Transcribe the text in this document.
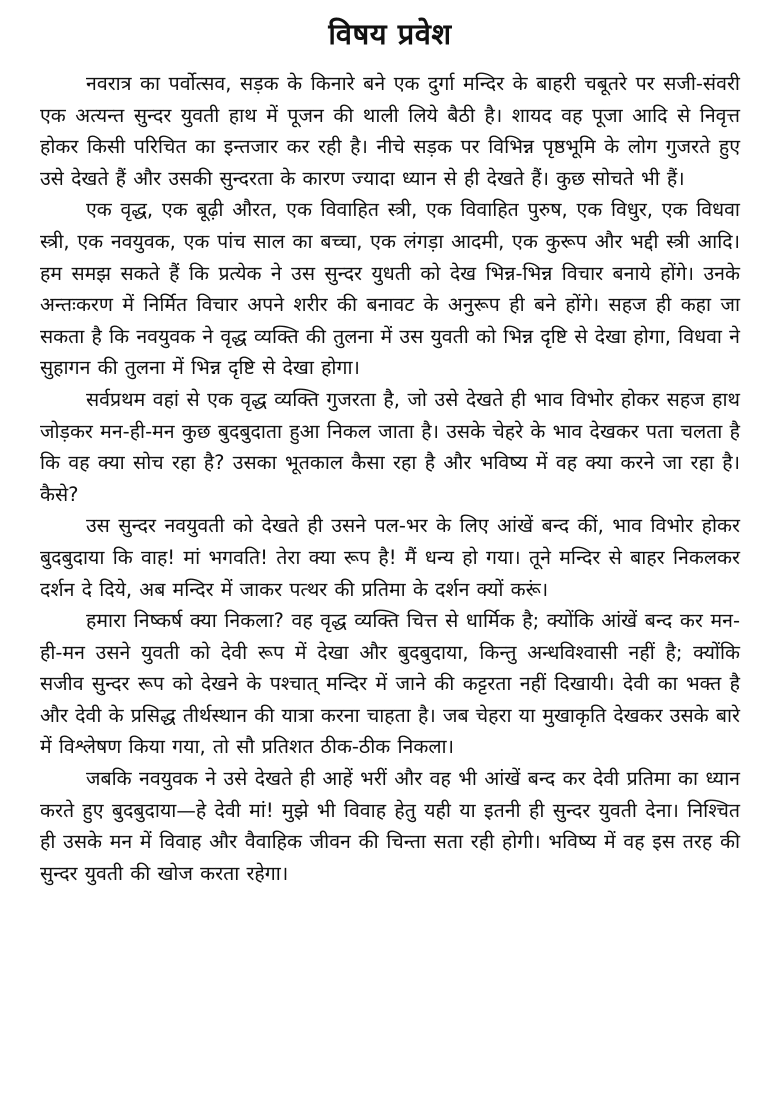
विषय प्रवेश

नवरात्र का पर्वोत्सव, सड़क के किनारे बने एक दुर्गा मन्दिर के बाहरी चबूतरे पर सजी-संवरी एक अत्यन्त सुन्दर युवती हाथ में पूजन की थाली लिये बैठी है। शायद वह पूजा आदि से निवृत्त होकर किसी परिचित का इन्तजार कर रही है। नीचे सड़क पर विभिन्न पृष्ठभूमि के लोग गुजरते हुए उसे देखते हैं और उसकी सुन्दरता के कारण ज्यादा ध्यान से ही देखते हैं। कुछ सोचते भी हैं।

एक वृद्ध, एक बूढ़ी औरत, एक विवाहित स्त्री, एक विवाहित पुरुष, एक विधुर, एक विधवा स्त्री, एक नवयुवक, एक पांच साल का बच्चा, एक लंगड़ा आदमी, एक कुरूप और भद्दी स्त्री आदि। हम समझ सकते हैं कि प्रत्येक ने उस सुन्दर युधती को देख भिन्न-भिन्न विचार बनाये होंगे। उनके अन्तःकरण में निर्मित विचार अपने शरीर की बनावट के अनुरूप ही बने होंगे। सहज ही कहा जा सकता है कि नवयुवक ने वृद्ध व्यक्ति की तुलना में उस युवती को भिन्न दृष्टि से देखा होगा, विधवा ने सुहागन की तुलना में भिन्न दृष्टि से देखा होगा।

सर्वप्रथम वहां से एक वृद्ध व्यक्ति गुजरता है, जो उसे देखते ही भाव विभोर होकर सहज हाथ जोड़कर मन-ही-मन कुछ बुदबुदाता हुआ निकल जाता है। उसके चेहरे के भाव देखकर पता चलता है कि वह क्या सोच रहा है? उसका भूतकाल कैसा रहा है और भविष्य में वह क्या करने जा रहा है। कैसे?

उस सुन्दर नवयुवती को देखते ही उसने पल-भर के लिए आंखें बन्द कीं, भाव विभोर होकर बुदबुदाया कि वाह! मां भगवति! तेरा क्या रूप है! मैं धन्य हो गया। तूने मन्दिर से बाहर निकलकर दर्शन दे दिये, अब मन्दिर में जाकर पत्थर की प्रतिमा के दर्शन क्यों करूं।

हमारा निष्कर्ष क्या निकला? वह वृद्ध व्यक्ति चित्त से धार्मिक है; क्योंकि आंखें बन्द कर मन-ही-मन उसने युवती को देवी रूप में देखा और बुदबुदाया, किन्तु अन्धविश्वासी नहीं है; क्योंकि सजीव सुन्दर रूप को देखने के पश्चात् मन्दिर में जाने की कट्टरता नहीं दिखायी। देवी का भक्त है और देवी के प्रसिद्ध तीर्थस्थान की यात्रा करना चाहता है। जब चेहरा या मुखाकृति देखकर उसके बारे में विश्लेषण किया गया, तो सौ प्रतिशत ठीक-ठीक निकला।

जबकि नवयुवक ने उसे देखते ही आहें भरीं और वह भी आंखें बन्द कर देवी प्रतिमा का ध्यान करते हुए बुदबुदाया—हे देवी मां! मुझे भी विवाह हेतु यही या इतनी ही सुन्दर युवती देना। निश्चित ही उसके मन में विवाह और वैवाहिक जीवन की चिन्ता सता रही होगी। भविष्य में वह इस तरह की सुन्दर युवती की खोज करता रहेगा।
